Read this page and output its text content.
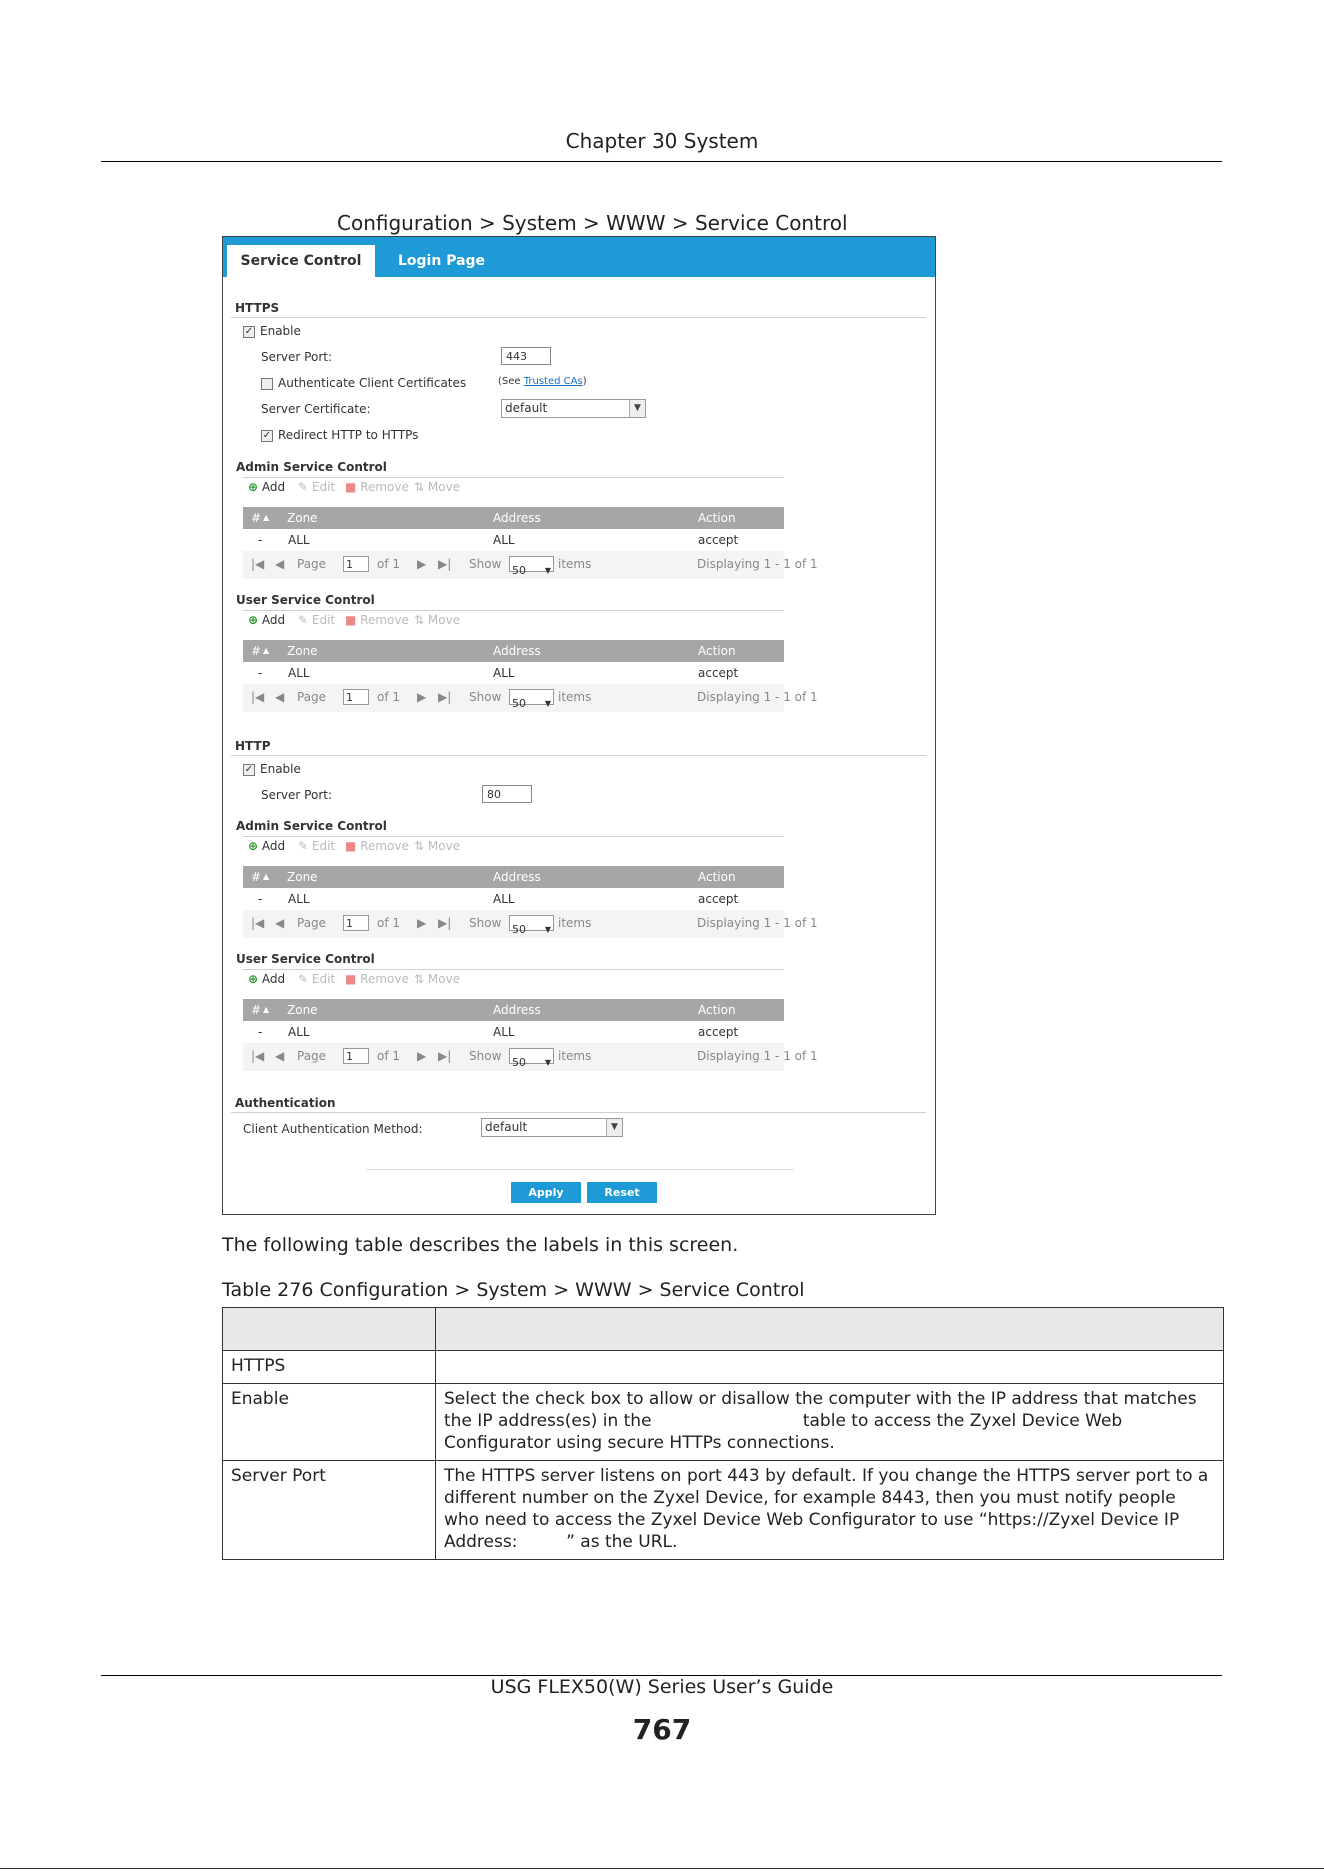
Chapter 30 System
Configuration > System > WWW > Service Control
Service Control	Login Page
HTTPS
✓ Enable
Server Port:	443
Authenticate Client Certificates	(See Trusted CAs)
Server Certificate:	default	▼
✓ Redirect HTTP to HTTPs
Admin Service Control
⊕ Add ✎ Edit ■ Remove ⇅ Move
# ▲ Zone	Address	Action
- ALL	ALL	accept
|◀ ◀ Page 1	of 1 ▶ ▶| Show 50 ▼ items	Displaying 1 - 1 of 1
User Service Control
⊕ Add ✎ Edit ■ Remove ⇅ Move
# ▲ Zone	Address	Action
- ALL	ALL	accept
|◀ ◀ Page 1	of 1 ▶ ▶| Show 50 ▼ items	Displaying 1 - 1 of 1
HTTP
✓ Enable
Server Port:	80
Admin Service Control
⊕ Add ✎ Edit ■ Remove ⇅ Move
# ▲ Zone	Address	Action
- ALL	ALL	accept
|◀ ◀ Page 1	of 1 ▶ ▶| Show 50 ▼ items	Displaying 1 - 1 of 1
User Service Control
⊕ Add ✎ Edit ■ Remove ⇅ Move
# ▲ Zone	Address	Action
- ALL	ALL	accept
|◀ ◀ Page 1	of 1 ▶ ▶| Show 50 ▼ items	Displaying 1 - 1 of 1
Authentication
Client Authentication Method:	default	▼
Apply	Reset
The following table describes the labels in this screen.
Table 276 Configuration > System > WWW > Service Control

HTTPS	
Enable	Select the check box to allow or disallow the computer with the IP address that matches the IP address(es) in the                            table to access the Zyxel Device Web Configurator using secure HTTPs connections.
Server Port	The HTTPS server listens on port 443 by default. If you change the HTTPS server port to a different number on the Zyxel Device, for example 8443, then you must notify people who need to access the Zyxel Device Web Configurator to use “https://Zyxel Device IP Address:         ” as the URL.
USG FLEX50(W) Series User’s Guide
767
